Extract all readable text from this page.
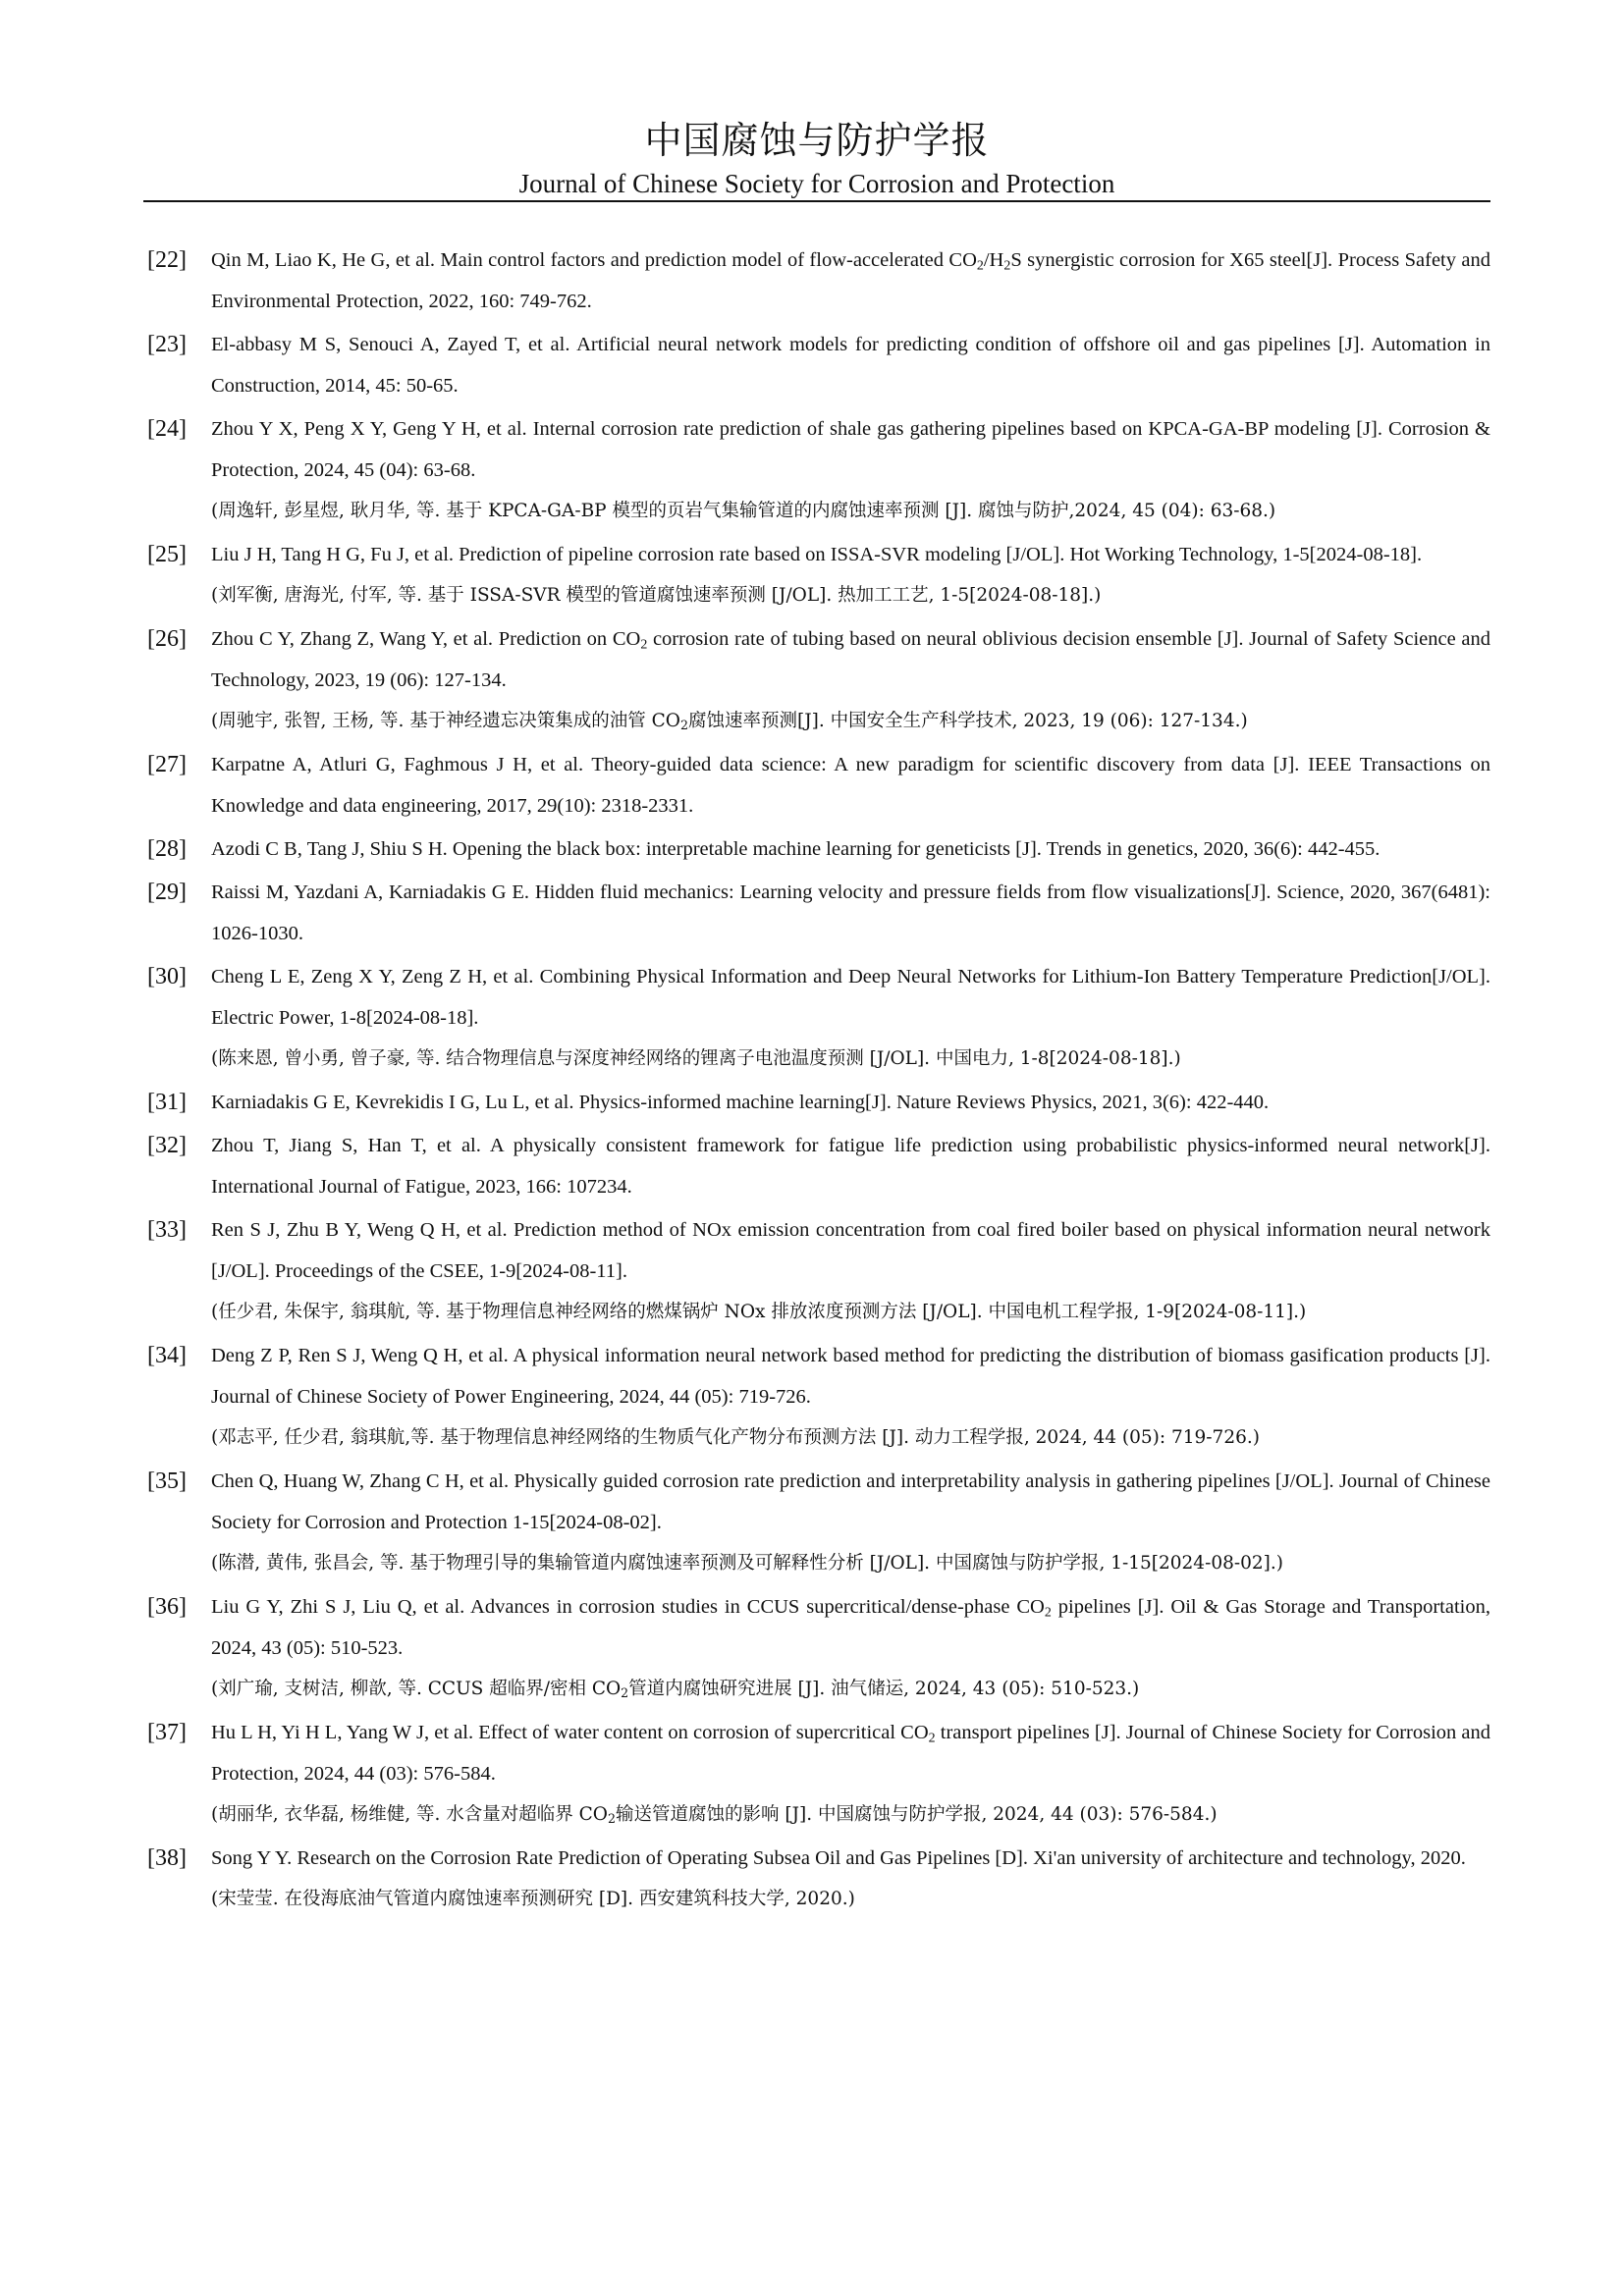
中国腐蚀与防护学报
Journal of Chinese Society for Corrosion and Protection
[22] Qin M, Liao K, He G, et al. Main control factors and prediction model of flow-accelerated $CO_2/H_2S$ synergistic corrosion for X65 steel[J]. Process Safety and Environmental Protection, 2022, 160: 749-762.
[23] El-abbasy M S, Senouci A, Zayed T, et al. Artificial neural network models for predicting condition of offshore oil and gas pipelines [J]. Automation in Construction, 2014, 45: 50-65.
[24] Zhou Y X, Peng X Y, Geng Y H, et al. Internal corrosion rate prediction of shale gas gathering pipelines based on KPCA-GA-BP modeling [J]. Corrosion & Protection, 2024, 45 (04): 63-68.
(周逸轩, 彭星煜, 耿月华, 等. 基于 KPCA-GA-BP 模型的页岩气集输管道的内腐蚀速率预测 [J]. 腐蚀与防护,2024, 45 (04): 63-68.)
[25] Liu J H, Tang H G, Fu J, et al. Prediction of pipeline corrosion rate based on ISSA-SVR modeling [J/OL]. Hot Working Technology, 1-5[2024-08-18].
(刘军衡, 唐海光, 付军, 等. 基于 ISSA-SVR 模型的管道腐蚀速率预测 [J/OL]. 热加工工艺, 1-5[2024-08-18].)
[26] Zhou C Y, Zhang Z, Wang Y, et al. Prediction on $CO_2$ corrosion rate of tubing based on neural oblivious decision ensemble [J]. Journal of Safety Science and Technology, 2023, 19 (06): 127-134.
(周驰宇, 张智, 王杨, 等. 基于神经遗忘决策集成的油管 $CO_2$腐蚀速率预测[J]. 中国安全生产科学技术, 2023, 19 (06): 127-134.)
[27] Karpatne A, Atluri G, Faghmous J H, et al. Theory-guided data science: A new paradigm for scientific discovery from data [J]. IEEE Transactions on Knowledge and data engineering, 2017, 29(10): 2318-2331.
[28] Azodi C B, Tang J, Shiu S H. Opening the black box: interpretable machine learning for geneticists [J]. Trends in genetics, 2020, 36(6): 442-455.
[29] Raissi M, Yazdani A, Karniadakis G E. Hidden fluid mechanics: Learning velocity and pressure fields from flow visualizations[J]. Science, 2020, 367(6481): 1026-1030.
[30] Cheng L E, Zeng X Y, Zeng Z H, et al. Combining Physical Information and Deep Neural Networks for Lithium-Ion Battery Temperature Prediction[J/OL]. Electric Power, 1-8[2024-08-18].
(陈来恩, 曾小勇, 曾子豪, 等. 结合物理信息与深度神经网络的锂离子电池温度预测 [J/OL]. 中国电力, 1-8[2024-08-18].)
[31] Karniadakis G E, Kevrekidis I G, Lu L, et al. Physics-informed machine learning[J]. Nature Reviews Physics, 2021, 3(6): 422-440.
[32] Zhou T, Jiang S, Han T, et al. A physically consistent framework for fatigue life prediction using probabilistic physics-informed neural network[J]. International Journal of Fatigue, 2023, 166: 107234.
[33] Ren S J, Zhu B Y, Weng Q H, et al. Prediction method of NOx emission concentration from coal fired boiler based on physical information neural network [J/OL]. Proceedings of the CSEE, 1-9[2024-08-11].
(任少君, 朱保宇, 翁琪航, 等. 基于物理信息神经网络的燃煤锅炉 NOx 排放浓度预测方法 [J/OL]. 中国电机工程学报, 1-9[2024-08-11].)
[34] Deng Z P, Ren S J, Weng Q H, et al. A physical information neural network based method for predicting the distribution of biomass gasification products [J]. Journal of Chinese Society of Power Engineering, 2024, 44 (05): 719-726.
(邓志平, 任少君, 翁琪航,等. 基于物理信息神经网络的生物质气化产物分布预测方法 [J]. 动力工程学报, 2024, 44 (05): 719-726.)
[35] Chen Q, Huang W, Zhang C H, et al. Physically guided corrosion rate prediction and interpretability analysis in gathering pipelines [J/OL]. Journal of Chinese Society for Corrosion and Protection 1-15[2024-08-02].
(陈潜, 黄伟, 张昌会, 等. 基于物理引导的集输管道内腐蚀速率预测及可解释性分析 [J/OL]. 中国腐蚀与防护学报, 1-15[2024-08-02].)
[36] Liu G Y, Zhi S J, Liu Q, et al. Advances in corrosion studies in CCUS supercritical/dense-phase $CO_2$ pipelines [J]. Oil & Gas Storage and Transportation, 2024, 43 (05): 510-523.
(刘广瑜, 支树洁, 柳歆, 等. CCUS 超临界/密相 $CO_2$管道内腐蚀研究进展 [J]. 油气储运, 2024, 43 (05): 510-523.)
[37] Hu L H, Yi H L, Yang W J, et al. Effect of water content on corrosion of supercritical $CO_2$ transport pipelines [J]. Journal of Chinese Society for Corrosion and Protection, 2024, 44 (03): 576-584.
(胡丽华, 衣华磊, 杨维健, 等. 水含量对超临界 $CO_2$输送管道腐蚀的影响 [J]. 中国腐蚀与防护学报, 2024, 44 (03): 576-584.)
[38] Song Y Y. Research on the Corrosion Rate Prediction of Operating Subsea Oil and Gas Pipelines [D]. Xi'an university of architecture and technology, 2020.
(宋莹莹. 在役海底油气管道内腐蚀速率预测研究 [D]. 西安建筑科技大学, 2020.)
